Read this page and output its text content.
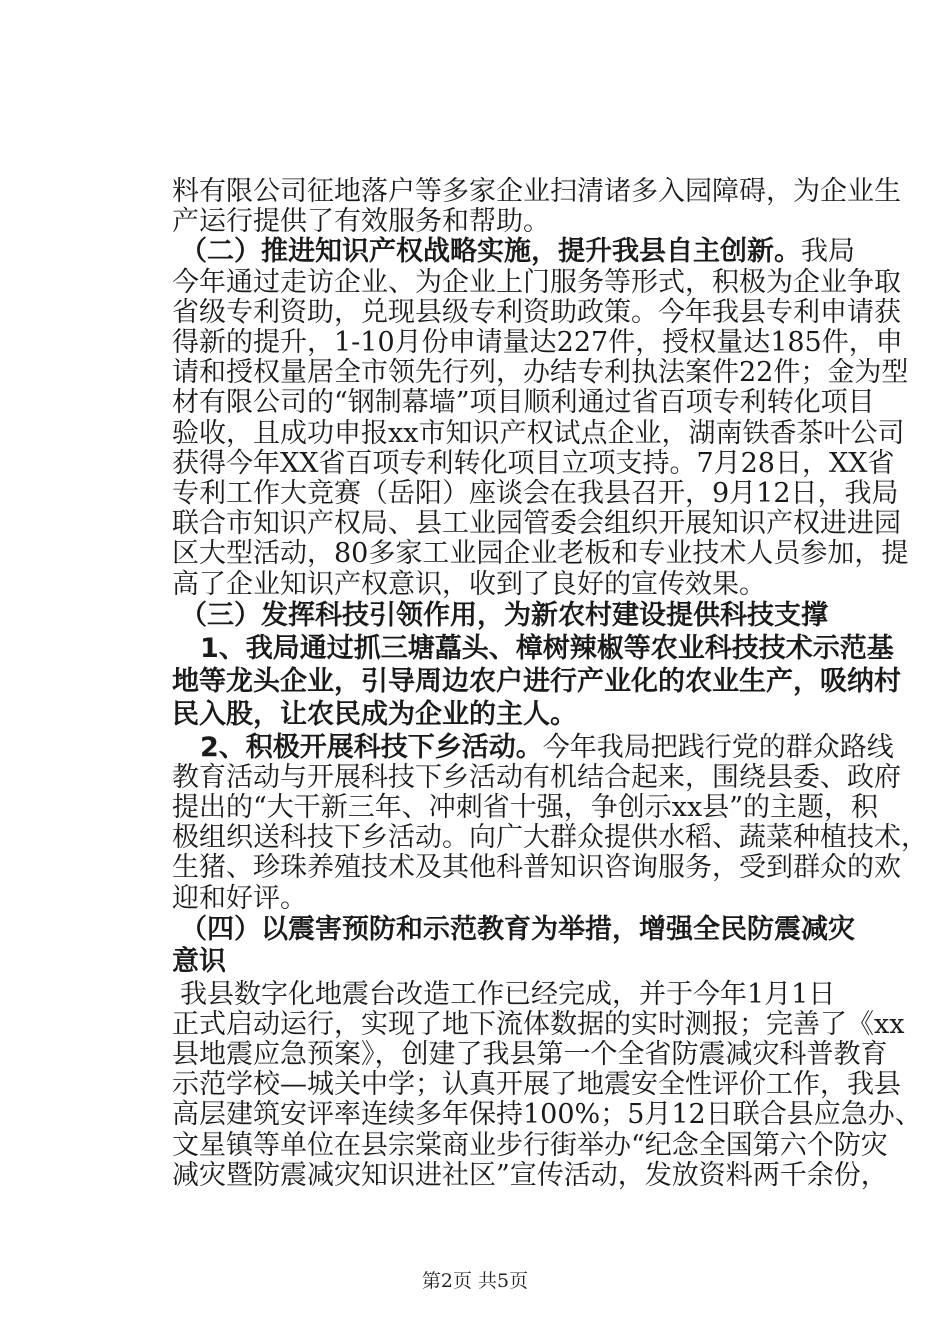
料有限公司征地落户等多家企业扫清诸多入园障碍，为企业生
产运行提供了有效服务和帮助。
（二）推进知识产权战略实施，提升我县自主创新。我局
今年通过走访企业、为企业上门服务等形式，积极为企业争取
省级专利资助，兑现县级专利资助政策。今年我县专利申请获
得新的提升，1-10月份申请量达227件，授权量达185件，申
请和授权量居全市领先行列，办结专利执法案件22件；金为型
材有限公司的“钢制幕墙”项目顺利通过省百项专利转化项目
验收，且成功申报xx市知识产权试点企业，湖南铁香茶叶公司
获得今年XX省百项专利转化项目立项支持。7月28日，XX省
专利工作大竞赛（岳阳）座谈会在我县召开，9月12日，我局
联合市知识产权局、县工业园管委会组织开展知识产权进进园
区大型活动，80多家工业园企业老板和专业技术人员参加，提
高了企业知识产权意识，收到了良好的宣传效果。
（三）发挥科技引领作用，为新农村建设提供科技支撑
1、我局通过抓三塘藠头、樟树辣椒等农业科技技术示范基
地等龙头企业，引导周边农户进行产业化的农业生产，吸纳村
民入股，让农民成为企业的主人。
2、积极开展科技下乡活动。今年我局把践行党的群众路线
教育活动与开展科技下乡活动有机结合起来，围绕县委、政府
提出的“大干新三年、冲刺省十强，争创示xx县”的主题，积
极组织送科技下乡活动。向广大群众提供水稻、蔬菜种植技术，
生猪、珍珠养殖技术及其他科普知识咨询服务，受到群众的欢
迎和好评。
（四）以震害预防和示范教育为举措，增强全民防震减灾
意识
我县数字化地震台改造工作已经完成，并于今年1月1日
正式启动运行，实现了地下流体数据的实时测报；完善了《xx
县地震应急预案》，创建了我县第一个全省防震减灾科普教育
示范学校—城关中学；认真开展了地震安全性评价工作，我县
高层建筑安评率连续多年保持100%；5月12日联合县应急办、
文星镇等单位在县宗棠商业步行街举办“纪念全国第六个防灾
减灾暨防震减灾知识进社区”宣传活动，发放资料两千余份，
第2页 共5页
